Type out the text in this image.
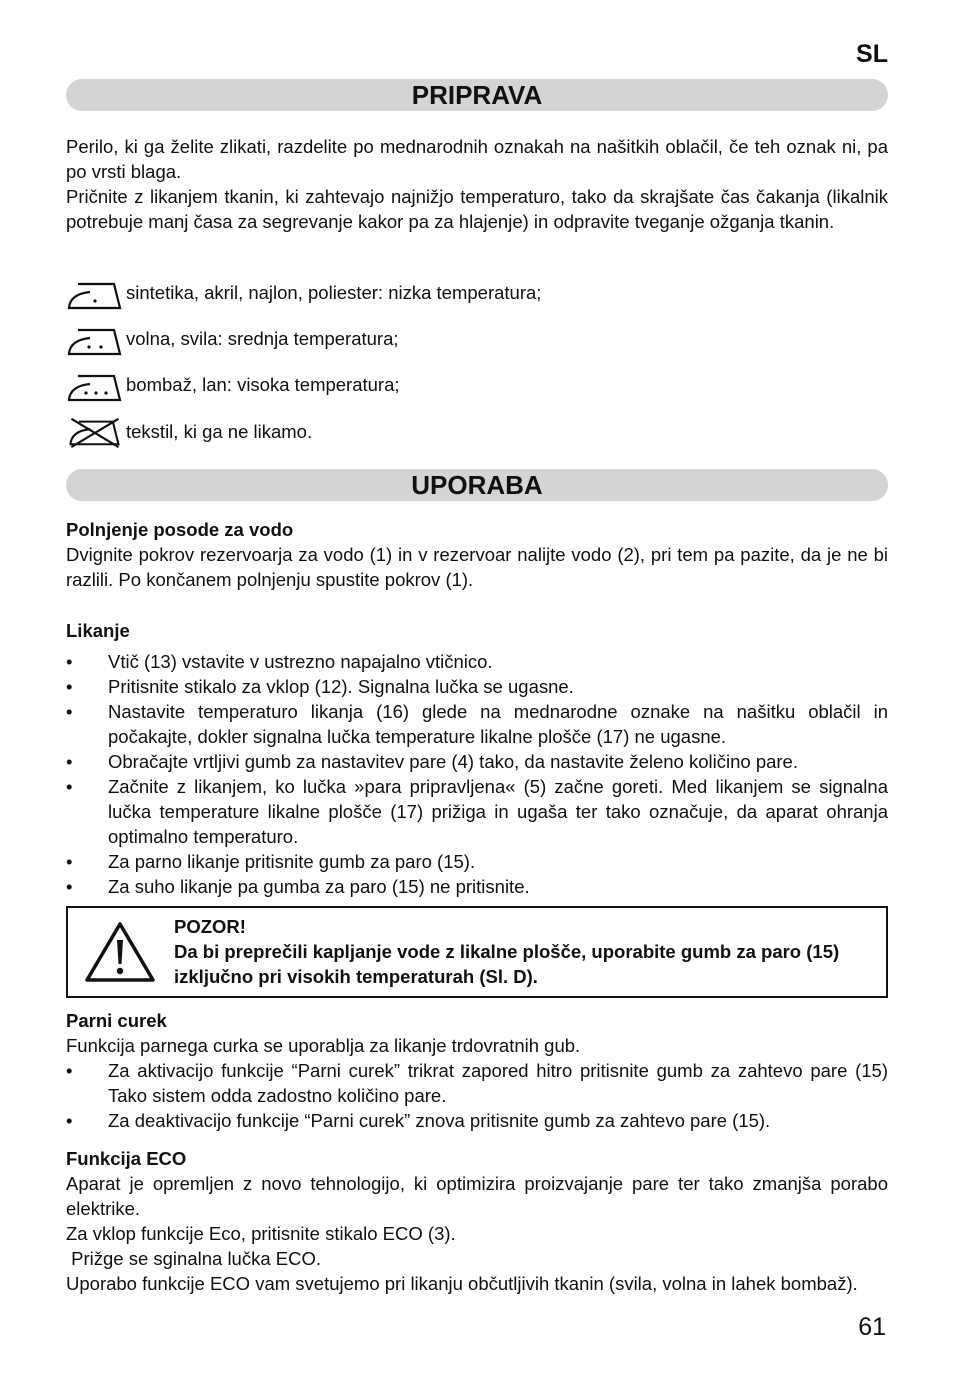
SL
PRIPRAVA

Perilo, ki ga želite zlikati, razdelite po mednarodnih oznakah na našitkih oblačil, če teh oznak ni, pa po vrsti blaga.

Pričnite z likanjem tkanin, ki zahtevajo najnižjo temperaturo, tako da skrajšate čas čakanja (likalnik potrebuje manj časa za segrevanje kakor pa za hlajenje) in odpravite tveganje ožganja tkanin.

sintetika, akril, najlon, poliester: nizka temperatura;
volna, svila: srednja temperatura;
bombaž, lan: visoka temperatura;
tekstil, ki ga ne likamo.
UPORABA

Polnjenje posode za vodo

Dvignite pokrov rezervoarja za vodo (1) in v rezervoar nalijte vodo (2), pri tem pa pazite, da je ne bi razlili. Po končanem polnjenju spustite pokrov (1).

Likanje

• Vtič (13) vstavite v ustrezno napajalno vtičnico.
• Pritisnite stikalo za vklop (12). Signalna lučka se ugasne.
• Nastavite temperaturo likanja (16) glede na mednarodne oznake na našitku oblačil in počakajte, dokler signalna lučka temperature likalne plošče (17) ne ugasne.
• Obračajte vrtljivi gumb za nastavitev pare (4) tako, da nastavite želeno količino pare.
• Začnite z likanjem, ko lučka »para pripravljena« (5) začne goreti. Med likanjem se signalna lučka temperature likalne plošče (17) prižiga in ugaša ter tako označuje, da aparat ohranja optimalno temperaturo.
• Za parno likanje pritisnite gumb za paro (15).
• Za suho likanje pa gumba za paro (15) ne pritisnite.
POZOR!
Da bi preprečili kapljanje vode z likalne plošče, uporabite gumb za paro (15) izključno pri visokih temperaturah (Sl. D).

Parni curek

Funkcija parnega curka se uporablja za likanje trdovratnih gub.

• Za aktivacijo funkcije “Parni curek” trikrat zapored hitro pritisnite gumb za zahtevo pare (15) Tako sistem odda zadostno količino pare.
• Za deaktivacijo funkcije “Parni curek” znova pritisnite gumb za zahtevo pare (15).

Funkcija ECO

Aparat je opremljen z novo tehnologijo, ki optimizira proizvajanje pare ter tako zmanjša porabo elektrike.

Za vklop funkcije Eco, pritisnite stikalo ECO (3).

Prižge se sginalna lučka ECO.

Uporabo funkcije ECO vam svetujemo pri likanju občutljivih tkanin (svila, volna in lahek bombaž).

61
